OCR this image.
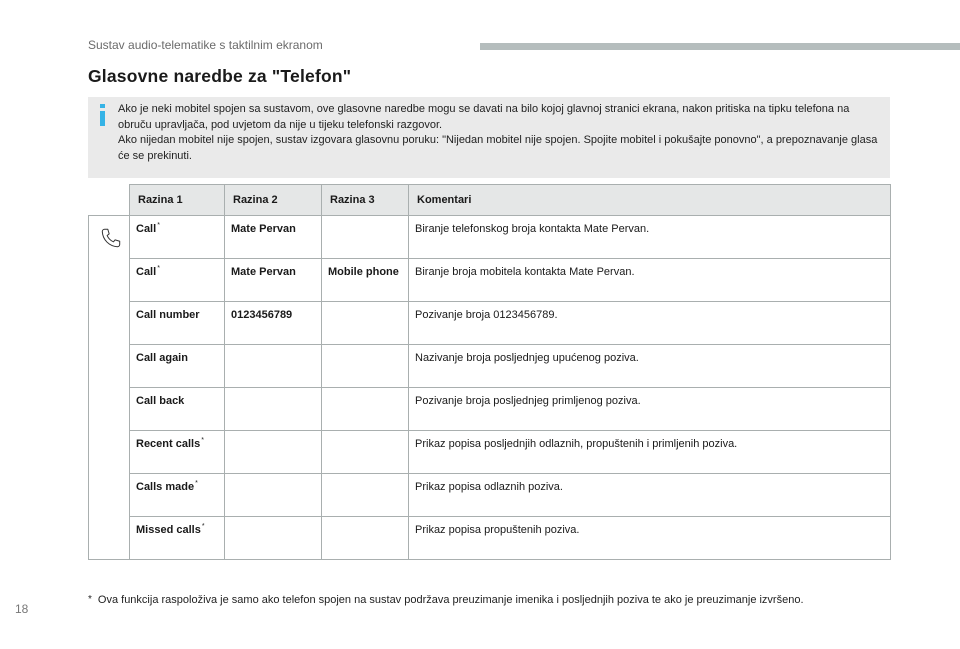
Sustav audio-telematike s taktilnim ekranom
Glasovne naredbe za "Telefon"

Ako je neki mobitel spojen sa sustavom, ove glasovne naredbe mogu se davati na bilo kojoj glavnoj stranici ekrana, nakon pritiska na tipku telefona na obruču upravljača, pod uvjetom da nije u tijeku telefonski razgovor.

Ako nijedan mobitel nije spojen, sustav izgovara glasovnu poruku: "Nijedan mobitel nije spojen. Spojite mobitel i pokušajte ponovno", a prepoznavanje glasa će se prekinuti.

	Razina 1	Razina 2	Razina 3	Komentari

	Call*	Mate Pervan		Biranje telefonskog broja kontakta Mate Pervan.
	Call*	Mate Pervan	Mobile phone	Biranje broja mobitela kontakta Mate Pervan.
	Call number	0123456789		Pozivanje broja 0123456789.
	Call again			Nazivanje broja posljednjeg upućenog poziva.
	Call back			Pozivanje broja posljednjeg primljenog poziva.
	Recent calls*			Prikaz popisa posljednjih odlaznih, propuštenih i primljenih poziva.
	Calls made*			Prikaz popisa odlaznih poziva.
	Missed calls*			Prikaz popisa propuštenih poziva.
* Ova funkcija raspoloživa je samo ako telefon spojen na sustav podržava preuzimanje imenika i posljednjih poziva te ako je preuzimanje izvršeno.
18
